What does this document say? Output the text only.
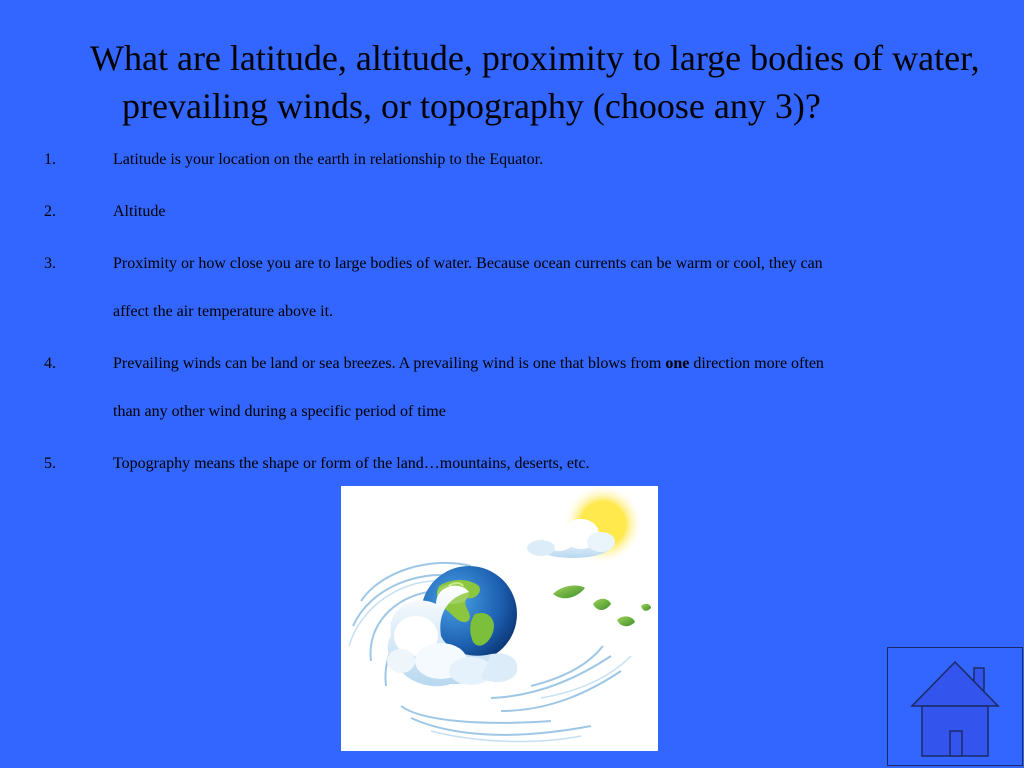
What are latitude, altitude, proximity to large bodies of water, prevailing winds, or topography (choose any 3)?
1.	Latitude is your location on the earth in relationship to the Equator.
2.	Altitude
3.	Proximity or how close you are to large bodies of water. Because ocean currents can be warm or cool, they can
affect the air temperature above it.
4.	Prevailing winds can be land or sea breezes. A prevailing wind is one that blows from one direction more often
than any other wind during a specific period of time
5.	Topography means the shape or form of the land…mountains, deserts, etc.
